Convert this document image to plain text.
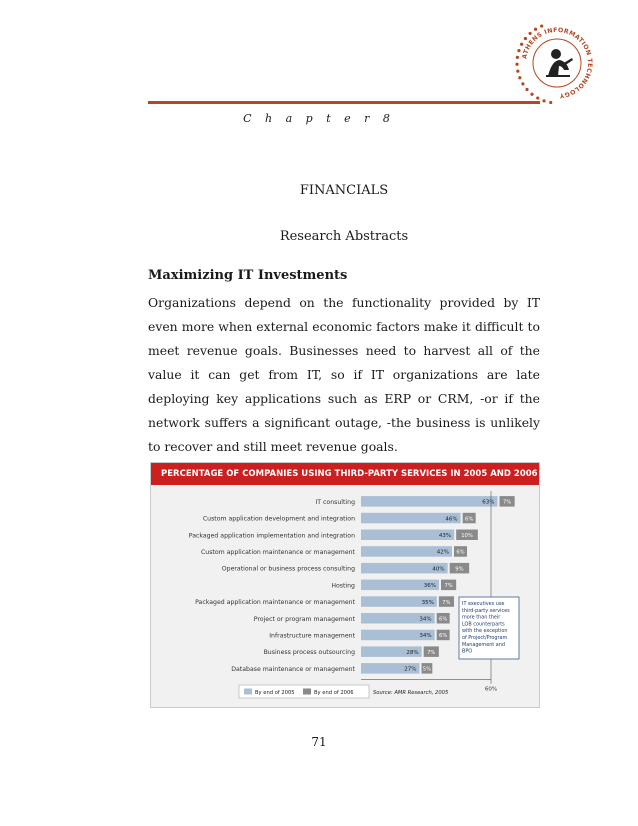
ATHENS INFORMATION TECHNOLOGY
C h a p t e r 8
FINANCIALS
Research Abstracts
Maximizing IT Investments
Organizations depend on the functionality provided by IT even more when external economic factors make it difficult to meet revenue goals. Businesses need to harvest all of the value it can get from IT, so if IT organizations are late deploying key applications such as ERP or CRM, -or if the network suffers a significant outage, -the business is unlikely to recover and still meet revenue goals.
IT consulting	63% 7%
Custom application development and integration	46% 6%
Packaged application implementation and integration	43% 10%
Custom application maintenance or management	42% 6%
Operational or business process consulting	40% 9%
Hosting	36% 7%
Packaged application maintenance or management	35% 7%
Project or program management	34% 6%
Infrastructure management	34% 6%
Business process outsourcing	28% 7%
Database maintenance or management	27% 5%
60%
IT executives use
third-party services
more than their
LOB counterparts
with the exception
of Project/Program
Management and
BPO
By end of 2005	By end of 2006	Source: AMR Research, 2005
PERCENTAGE OF COMPANIES USING THIRD-PARTY SERVICES IN 2005 AND 2006
71
